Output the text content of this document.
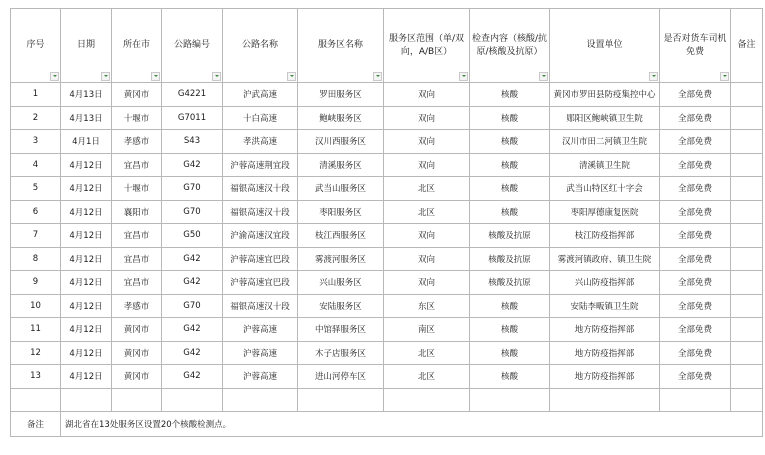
序号	日期	所在市	公路编号	公路名称	服务区名称	服务区范围（单/双向，A/B区）	检查内容（核酸/抗原/核酸及抗原）	设置单位	是否对货车司机免费	备注
1	4月13日	黄冈市	G4221	沪武高速	罗田服务区	双向	核酸	黄冈市罗田县防疫集控中心	全部免费	
2	4月13日	十堰市	G7011	十白高速	鲍峡服务区	双向	核酸	郧阳区鲍峡镇卫生院	全部免费	
3	4月1日	孝感市	S43	孝洪高速	汉川西服务区	双向	核酸	汉川市田二河镇卫生院	全部免费	
4	4月12日	宜昌市	G42	沪蓉高速荆宜段	清溪服务区	双向	核酸	清溪镇卫生院	全部免费	
5	4月12日	十堰市	G70	福银高速汉十段	武当山服务区	北区	核酸	武当山特区红十字会	全部免费	
6	4月12日	襄阳市	G70	福银高速汉十段	枣阳服务区	北区	核酸	枣阳厚德康复医院	全部免费	
7	4月12日	宜昌市	G50	沪渝高速汉宜段	枝江西服务区	双向	核酸及抗原	枝江防疫指挥部	全部免费	
8	4月12日	宜昌市	G42	沪蓉高速宜巴段	雾渡河服务区	双向	核酸及抗原	雾渡河镇政府、镇卫生院	全部免费	
9	4月12日	宜昌市	G42	沪蓉高速宜巴段	兴山服务区	双向	核酸及抗原	兴山防疫指挥部	全部免费	
10	4月12日	孝感市	G70	福银高速汉十段	安陆服务区	东区	核酸	安陆李畈镇卫生院	全部免费	
11	4月12日	黄冈市	G42	沪蓉高速	中馆驿服务区	南区	核酸	地方防疫指挥部	全部免费	
12	4月12日	黄冈市	G42	沪蓉高速	木子店服务区	北区	核酸	地方防疫指挥部	全部免费	
13	4月12日	黄冈市	G42	沪蓉高速	进山河停车区	北区	核酸	地方防疫指挥部	全部免费	

备注	湖北省在13处服务区设置20个核酸检测点。									
